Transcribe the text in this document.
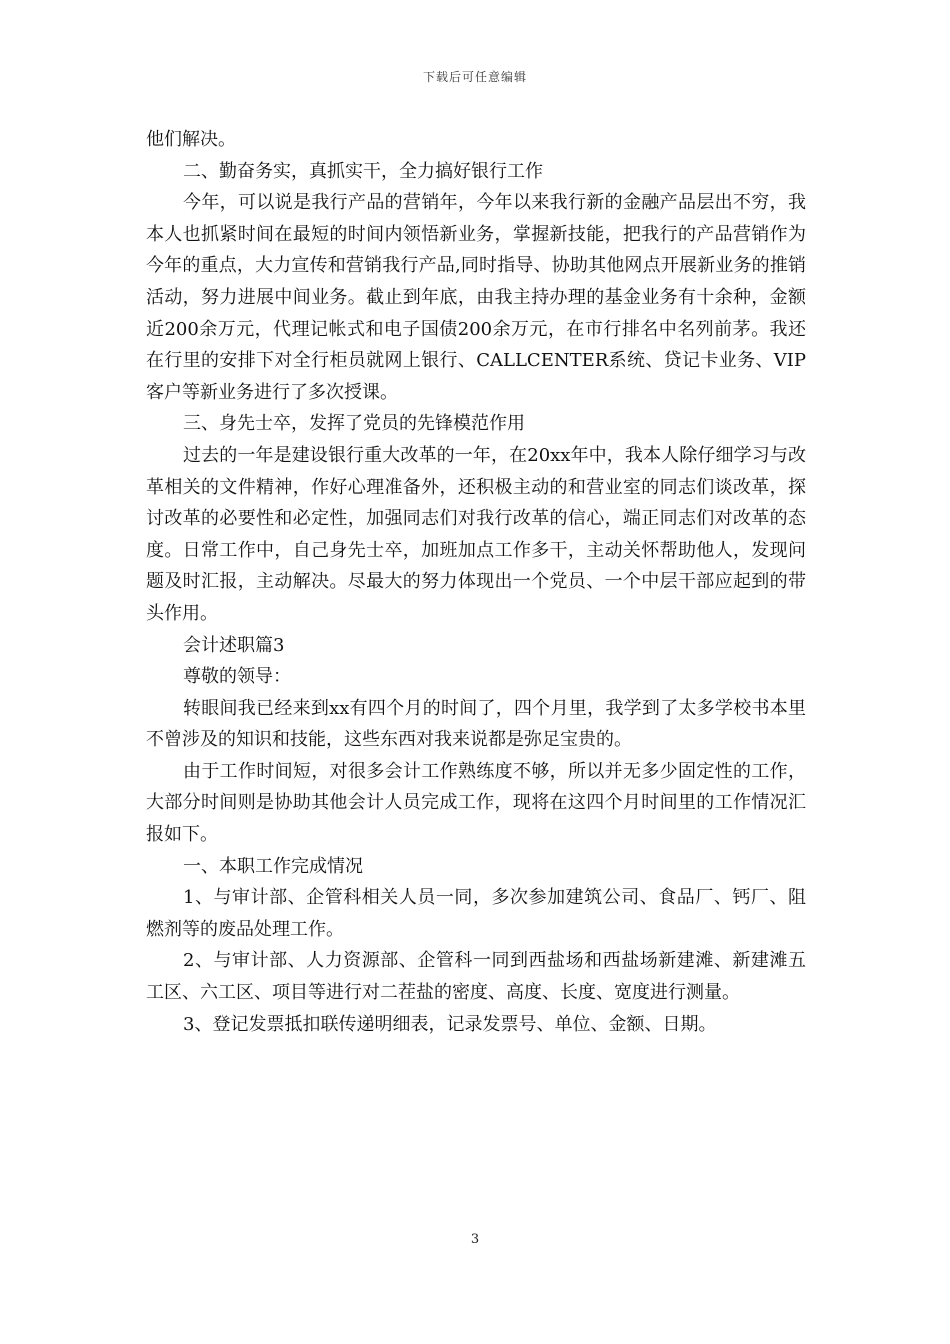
下载后可任意编辑

他们解决。

二、勤奋务实，真抓实干，全力搞好银行工作

今年，可以说是我行产品的营销年，今年以来我行新的金融产品层出不穷，我本人也抓紧时间在最短的时间内领悟新业务，掌握新技能，把我行的产品营销作为今年的重点，大力宣传和营销我行产品,同时指导、协助其他网点开展新业务的推销活动，努力进展中间业务。截止到年底，由我主持办理的基金业务有十余种，金额近200余万元，代理记帐式和电子国债200余万元，在市行排名中名列前茅。我还在行里的安排下对全行柜员就网上银行、CALLCENTER系统、贷记卡业务、VIP客户等新业务进行了多次授课。

三、身先士卒，发挥了党员的先锋模范作用

过去的一年是建设银行重大改革的一年，在20xx年中，我本人除仔细学习与改革相关的文件精神，作好心理准备外，还积极主动的和营业室的同志们谈改革，探讨改革的必要性和必定性，加强同志们对我行改革的信心，端正同志们对改革的态度。日常工作中，自己身先士卒，加班加点工作多干，主动关怀帮助他人，发现问题及时汇报，主动解决。尽最大的努力体现出一个党员、一个中层干部应起到的带头作用。

会计述职篇3

尊敬的领导：

转眼间我已经来到xx有四个月的时间了，四个月里，我学到了太多学校书本里不曾涉及的知识和技能，这些东西对我来说都是弥足宝贵的。

由于工作时间短，对很多会计工作熟练度不够，所以并无多少固定性的工作，大部分时间则是协助其他会计人员完成工作，现将在这四个月时间里的工作情况汇报如下。

一、本职工作完成情况

1、与审计部、企管科相关人员一同，多次参加建筑公司、食品厂、钙厂、阻燃剂等的废品处理工作。

2、与审计部、人力资源部、企管科一同到西盐场和西盐场新建滩、新建滩五工区、六工区、项目等进行对二茬盐的密度、高度、长度、宽度进行测量。

3、登记发票抵扣联传递明细表，记录发票号、单位、金额、日期。

3
